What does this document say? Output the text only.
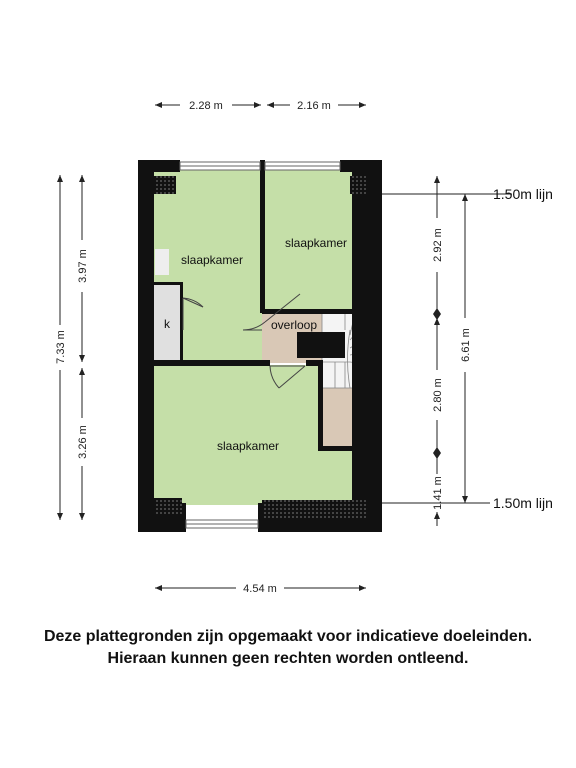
slaapkamer
slaapkamer
slaapkamer
k	overloop
2.28 m	2.16 m
4.54 m
7.33 m
3.97 m
3.26 m
2.92 m
2.80 m
1.41 m
6.61 m
1.50m lijn
1.50m lijn
Deze plattegronden zijn opgemaakt voor indicatieve doeleinden.
Hieraan kunnen geen rechten worden ontleend.
